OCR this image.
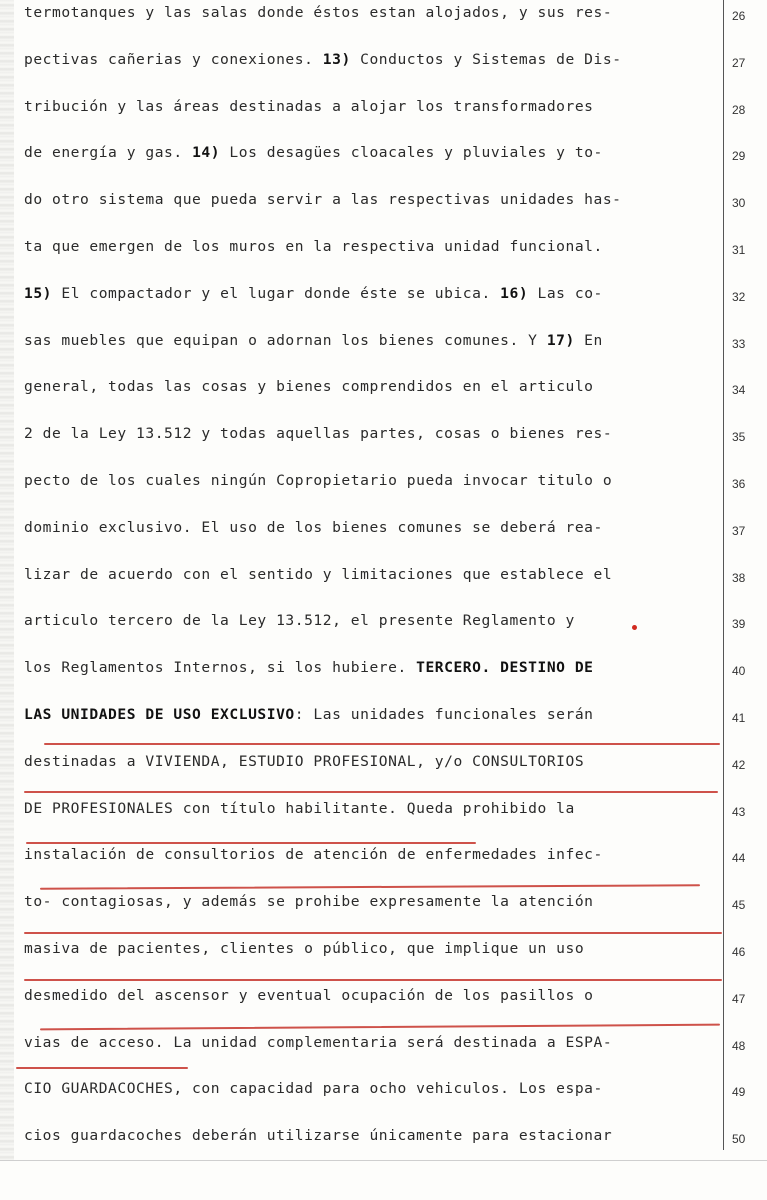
termotanques y las salas donde éstos estan alojados, y sus res-
pectivas cañerias y conexiones. 13) Conductos y Sistemas de Dis-
tribución y las áreas destinadas a alojar los transformadores
de energía y gas. 14) Los desagües cloacales y pluviales y to-
do otro sistema que pueda servir a las respectivas unidades has-
ta que emergen de los muros en la respectiva unidad funcional.
15) El compactador y el lugar donde éste se ubica. 16) Las co-
sas muebles que equipan o adornan los bienes comunes. Y 17) En
general, todas las cosas y bienes comprendidos en el articulo
2 de la Ley 13.512 y todas aquellas partes, cosas o bienes res-
pecto de los cuales ningún Copropietario pueda invocar titulo o
dominio exclusivo. El uso de los bienes comunes se deberá rea-
lizar de acuerdo con el sentido y limitaciones que establece el
articulo tercero de la Ley 13.512, el presente Reglamento y
los Reglamentos Internos, si los hubiere. TERCERO. DESTINO DE
LAS UNIDADES DE USO EXCLUSIVO: Las unidades funcionales serán
destinadas a VIVIENDA, ESTUDIO PROFESIONAL, y/o CONSULTORIOS
DE PROFESIONALES con título habilitante. Queda prohibido la
instalación de consultorios de atención de enfermedades infec-
to- contagiosas, y además se prohibe expresamente la atención
masiva de pacientes, clientes o público, que implique un uso
desmedido del ascensor y eventual ocupación de los pasillos o
vias de acceso. La unidad complementaria será destinada a ESPA-
CIO GUARDACOCHES, con capacidad para ocho vehiculos. Los espa-
cios guardacoches deberán utilizarse únicamente para estacionar
26
27
28
29
30
31
32
33
34
35
36
37
38
39
40
41
42
43
44
45
46
47
48
49
50
